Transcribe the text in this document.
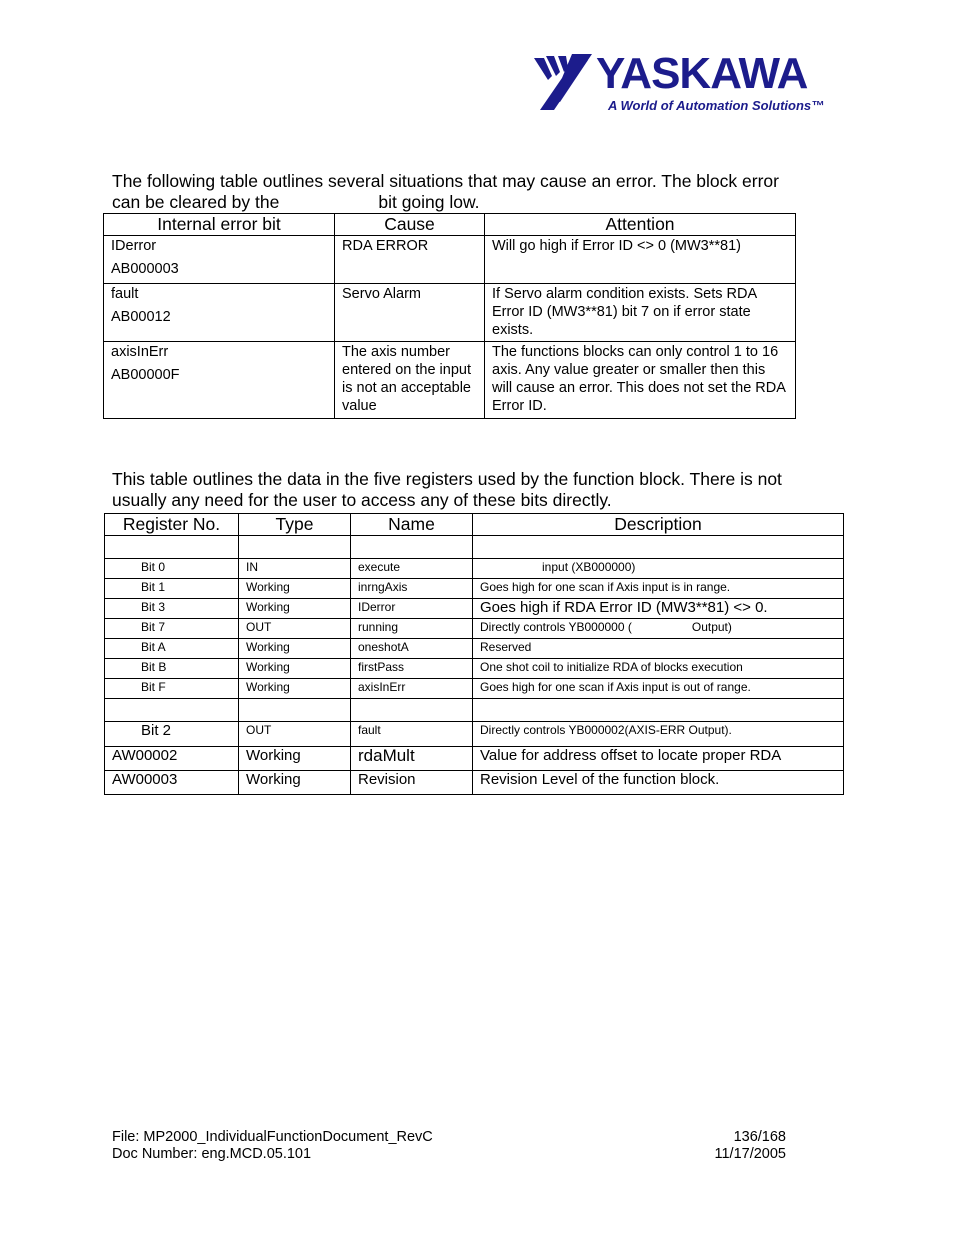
YASKAWA
A World of Automation Solutions™

The following table outlines several situations that may cause an error. The block error

can be cleared by the	bit going low.

Internal error bit	Cause	Attention

IDerror

AB000003	RDA ERROR	Will go high if Error ID <> 0 (MW3**81)

fault

AB00012	Servo Alarm	If Servo alarm condition exists. Sets RDA Error ID (MW3**81) bit 7 on if error state exists.

axisInErr

AB00000F	The axis number entered on the input is not an acceptable value	The functions blocks can only control 1 to 16 axis. Any value greater or smaller then this will cause an error. This does not set the RDA Error ID.

This table outlines the data in the five registers used by the function block. There is not

usually any need for the user to access any of these bits directly.

Register No.	Type	Name	Description

Bit 0	IN	execute	input (XB000000)
Bit 1	Working	inrngAxis	Goes high for one scan if Axis input is in range.
Bit 3	Working	IDerror	Goes high if RDA Error ID (MW3**81) <> 0.
Bit 7	OUT	running	Directly controls YB000000 ( Output)
Bit A	Working	oneshotA	Reserved
Bit B	Working	firstPass	One shot coil to initialize RDA of blocks execution
Bit F	Working	axisInErr	Goes high for one scan if Axis input is out of range.

Bit 2	OUT	fault	Directly controls YB000002(AXIS-ERR Output).
AW00002	Working	rdaMult	Value for address offset to locate proper RDA
AW00003	Working	Revision	Revision Level of the function block.
File: MP2000_IndividualFunctionDocument_RevC	136/168
Doc Number: eng.MCD.05.101	11/17/2005
